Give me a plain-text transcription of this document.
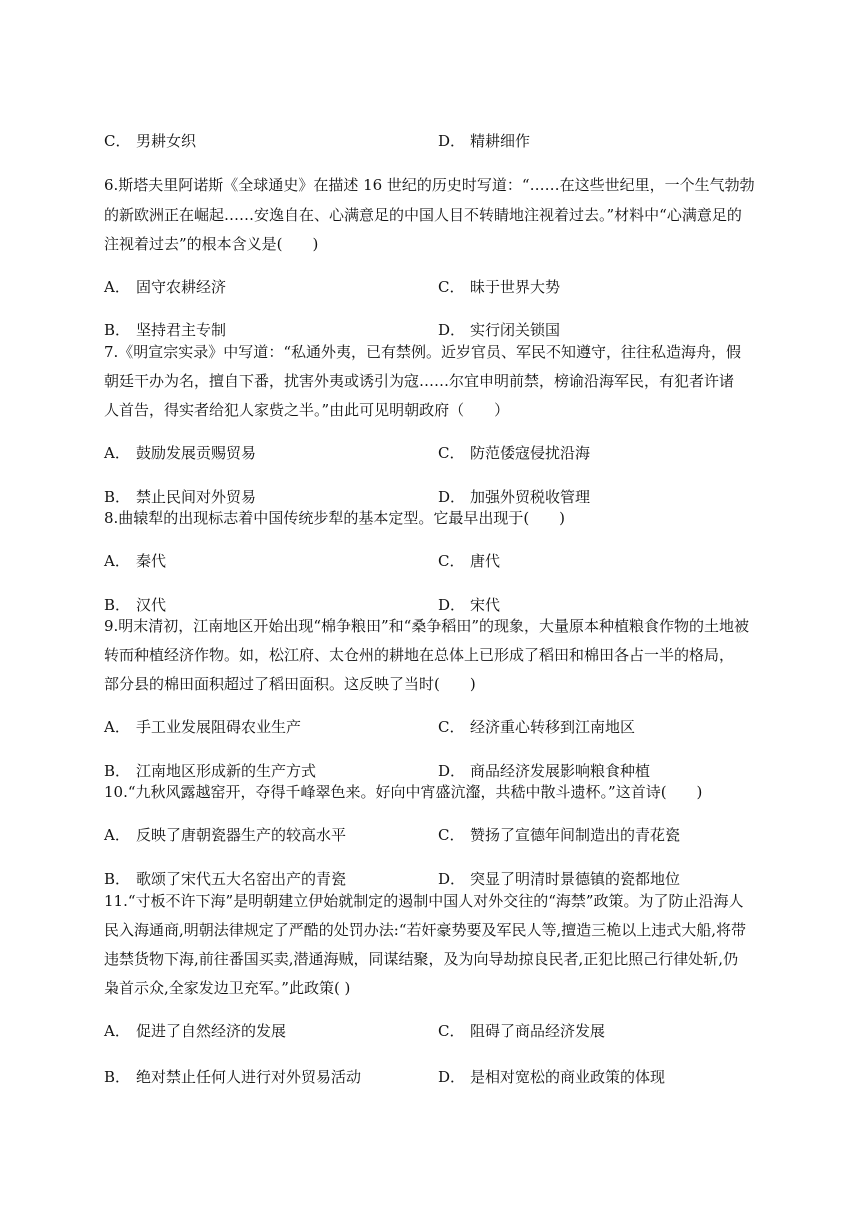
C． 男耕女织	D． 精耕细作
6.斯塔夫里阿诺斯《全球通史》在描述 16 世纪的历史时写道：“……在这些世纪里，一个生气勃勃
的新欧洲正在崛起……安逸自在、心满意足的中国人目不转睛地注视着过去。”材料中“心满意足的
注视着过去”的根本含义是(　　)
A． 固守农耕经济	C． 昧于世界大势
B． 坚持君主专制	D． 实行闭关锁国
7.《明宣宗实录》中写道：“私通外夷，已有禁例。近岁官员、军民不知遵守，往往私造海舟，假
朝廷干办为名，擅自下番，扰害外夷或诱引为寇……尔宜申明前禁，榜谕沿海军民，有犯者许诸
人首告，得实者给犯人家赀之半。”由此可见明朝政府（　　）
A． 鼓励发展贡赐贸易	C． 防范倭寇侵扰沿海
B． 禁止民间对外贸易	D． 加强外贸税收管理
8.曲辕犁的出现标志着中国传统步犁的基本定型。它最早出现于(　　)
A． 秦代	C． 唐代
B． 汉代	D． 宋代
9.明末清初，江南地区开始出现“棉争粮田”和“桑争稻田”的现象，大量原本种植粮食作物的土地被
转而种植经济作物。如，松江府、太仓州的耕地在总体上已形成了稻田和棉田各占一半的格局，
部分县的棉田面积超过了稻田面积。这反映了当时(　　)
A． 手工业发展阻碍农业生产	C． 经济重心转移到江南地区
B． 江南地区形成新的生产方式	D． 商品经济发展影响粮食种植
10.“九秋风露越窑开，夺得千峰翠色来。好向中宵盛沆瀣，共嵇中散斗遗杯。”这首诗(　　)
A． 反映了唐朝瓷器生产的较高水平	C． 赞扬了宣德年间制造出的青花瓷
B． 歌颂了宋代五大名窑出产的青瓷	D． 突显了明清时景德镇的瓷都地位
11.“寸板不许下海”是明朝建立伊始就制定的遏制中国人对外交往的“海禁”政策。为了防止沿海人
民入海通商,明朝法律规定了严酷的处罚办法:“若奸豪势要及军民人等,擅造三桅以上违式大船,将带
违禁货物下海,前往番国买卖,潜通海贼，同谋结聚，及为向导劫掠良民者,正犯比照己行律处斩,仍
枭首示众,全家发边卫充军。”此政策( )
A． 促进了自然经济的发展	C． 阻碍了商品经济发展
B． 绝对禁止任何人进行对外贸易活动	D． 是相对宽松的商业政策的体现
